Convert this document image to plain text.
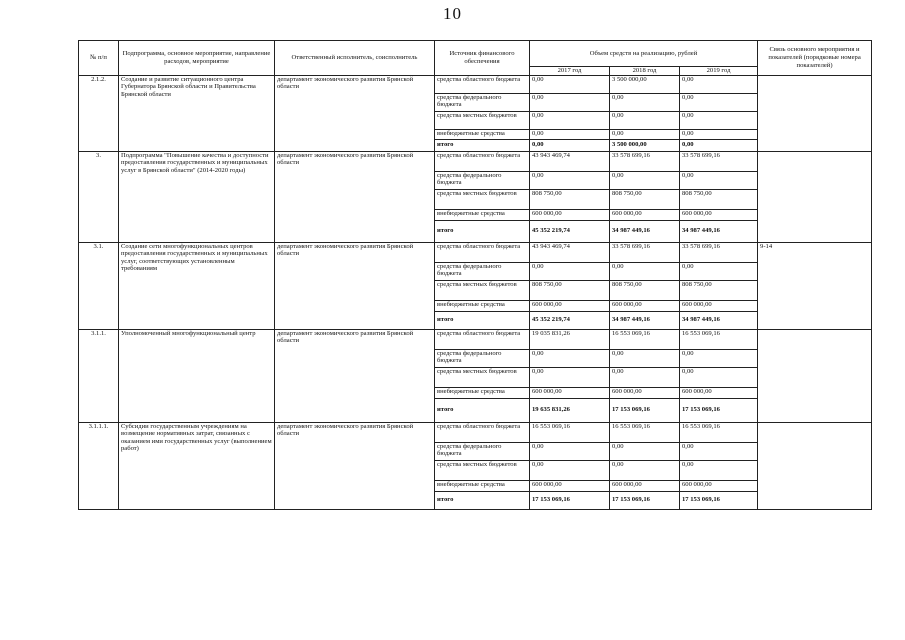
10
№ п/п	Подпрограмма, основное мероприятие, направление расходов, мероприятие	Ответственный исполнитель, соисполнитель	Источник финансового обеспечения	Объем средств на реализацию, рублей			Связь основного мероприятия и показателей (порядковые номера показателей)
				2017 год	2018 год	2019 год	
2.1.2.	Создание и развитие ситуационного центра Губернатора Брянской области и Правительства Брянской области	департамент экономического развития Брянской области	средства областного бюджета	0,00	3 500 000,00	0,00	
			средства федерального бюджета	0,00	0,00	0,00	
			средства местных бюджетов	0,00	0,00	0,00	
			внебюджетные средства	0,00	0,00	0,00	
			итого	0,00	3 500 000,00	0,00	
3.	Подпрограмма "Повышение качества и доступности предоставления государственных и муниципальных услуг в Брянской области" (2014-2020 годы)	департамент экономического развития Брянской области	средства областного бюджета	43 943 469,74	33 578 699,16	33 578 699,16	
			средства федерального бюджета	0,00	0,00	0,00	
			средства местных бюджетов	808 750,00	808 750,00	808 750,00	
			внебюджетные средства	600 000,00	600 000,00	600 000,00	
			итого	45 352 219,74	34 987 449,16	34 987 449,16	
3.1.	Создание сети многофункциональных центров предоставления государственных и муниципальных услуг, соответствующих установленным требованиям	департамент экономического развития Брянской области	средства областного бюджета	43 943 469,74	33 578 699,16	33 578 699,16	9-14
			средства федерального бюджета	0,00	0,00	0,00	
			средства местных бюджетов	808 750,00	808 750,00	808 750,00	
			внебюджетные средства	600 000,00	600 000,00	600 000,00	
			итого	45 352 219,74	34 987 449,16	34 987 449,16	
3.1.1.	Уполномоченный многофункциональный центр	департамент экономического развития Брянской области	средства областного бюджета	19 035 831,26	16 553 069,16	16 553 069,16	
			средства федерального бюджета	0,00	0,00	0,00	
			средства местных бюджетов	0,00	0,00	0,00	
			внебюджетные средства	600 000,00	600 000,00	600 000,00	
			итого	19 635 831,26	17 153 069,16	17 153 069,16	
3.1.1.1.	Субсидии государственным учреждениям на возмещение нормативных затрат, связанных с оказанием ими государственных услуг (выполнением работ)	департамент экономического развития Брянской области	средства областного бюджета	16 553 069,16	16 553 069,16	16 553 069,16	
			средства федерального бюджета	0,00	0,00	0,00	
			средства местных бюджетов	0,00	0,00	0,00	
			внебюджетные средства	600 000,00	600 000,00	600 000,00	
			итого	17 153 069,16	17 153 069,16	17 153 069,16	
